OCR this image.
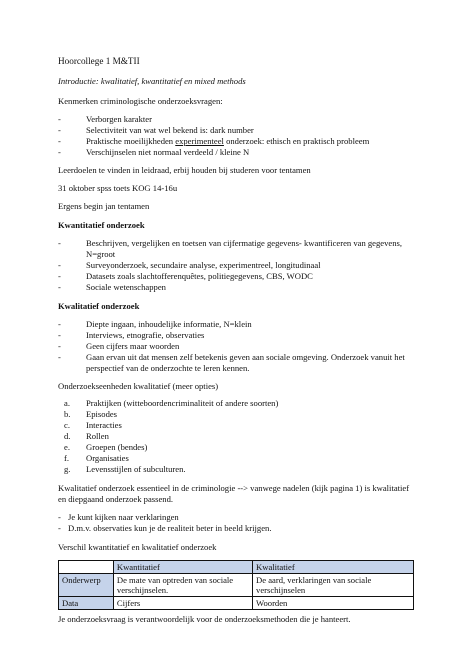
Hoorcollege 1 M&TII
Introductie: kwalitatief, kwantitatief en mixed methods
Kenmerken criminologische onderzoeksvragen:
-	Verborgen karakter
-	Selectiviteit van wat wel bekend is: dark number
-	Praktische moeilijkheden experimenteel onderzoek: ethisch en praktisch probleem
-	Verschijnselen niet normaal verdeeld / kleine N
Leerdoelen te vinden in leidraad, erbij houden bij studeren voor tentamen
31 oktober spss toets KOG 14-16u
Ergens begin jan tentamen
Kwantitatief onderzoek
-	Beschrijven, vergelijken en toetsen van cijfermatige gegevens- kwantificeren van gegevens,
N=groot
-	Surveyonderzoek, secundaire analyse, experimentreel, longitudinaal
-	Datasets zoals slachtofferenquêtes, politiegegevens, CBS, WODC
-	Sociale wetenschappen
Kwalitatief onderzoek
-	Diepte ingaan, inhoudelijke informatie, N=klein
-	Interviews, etnografie, observaties
-	Geen cijfers maar woorden
-	Gaan ervan uit dat mensen zelf betekenis geven aan sociale omgeving. Onderzoek vanuit het
perspectief van de onderzochte te leren kennen.
Onderzoekseenheden kwalitatief (meer opties)
a. Praktijken (witteboordencriminaliteit of andere soorten)
b. Episodes
c. Interacties
d. Rollen
e. Groepen (bendes)
f. Organisaties
g. Levensstijlen of subculturen.
Kwalitatief onderzoek essentieel in de criminologie --> vanwege nadelen (kijk pagina 1) is kwalitatief
en diepgaand onderzoek passend.
- Je kunt kijken naar verklaringen
- D.m.v. observaties kun je de realiteit beter in beeld krijgen.
Verschil kwantitatief en kwalitatief onderzoek
	Kwantitatief	Kwalitatief
Onderwerp	De mate van optreden van sociale verschijnselen.	De aard, verklaringen van sociale verschijnselen
Data	Cijfers	Woorden
Je onderzoeksvraag is verantwoordelijk voor de onderzoeksmethoden die je hanteert.
